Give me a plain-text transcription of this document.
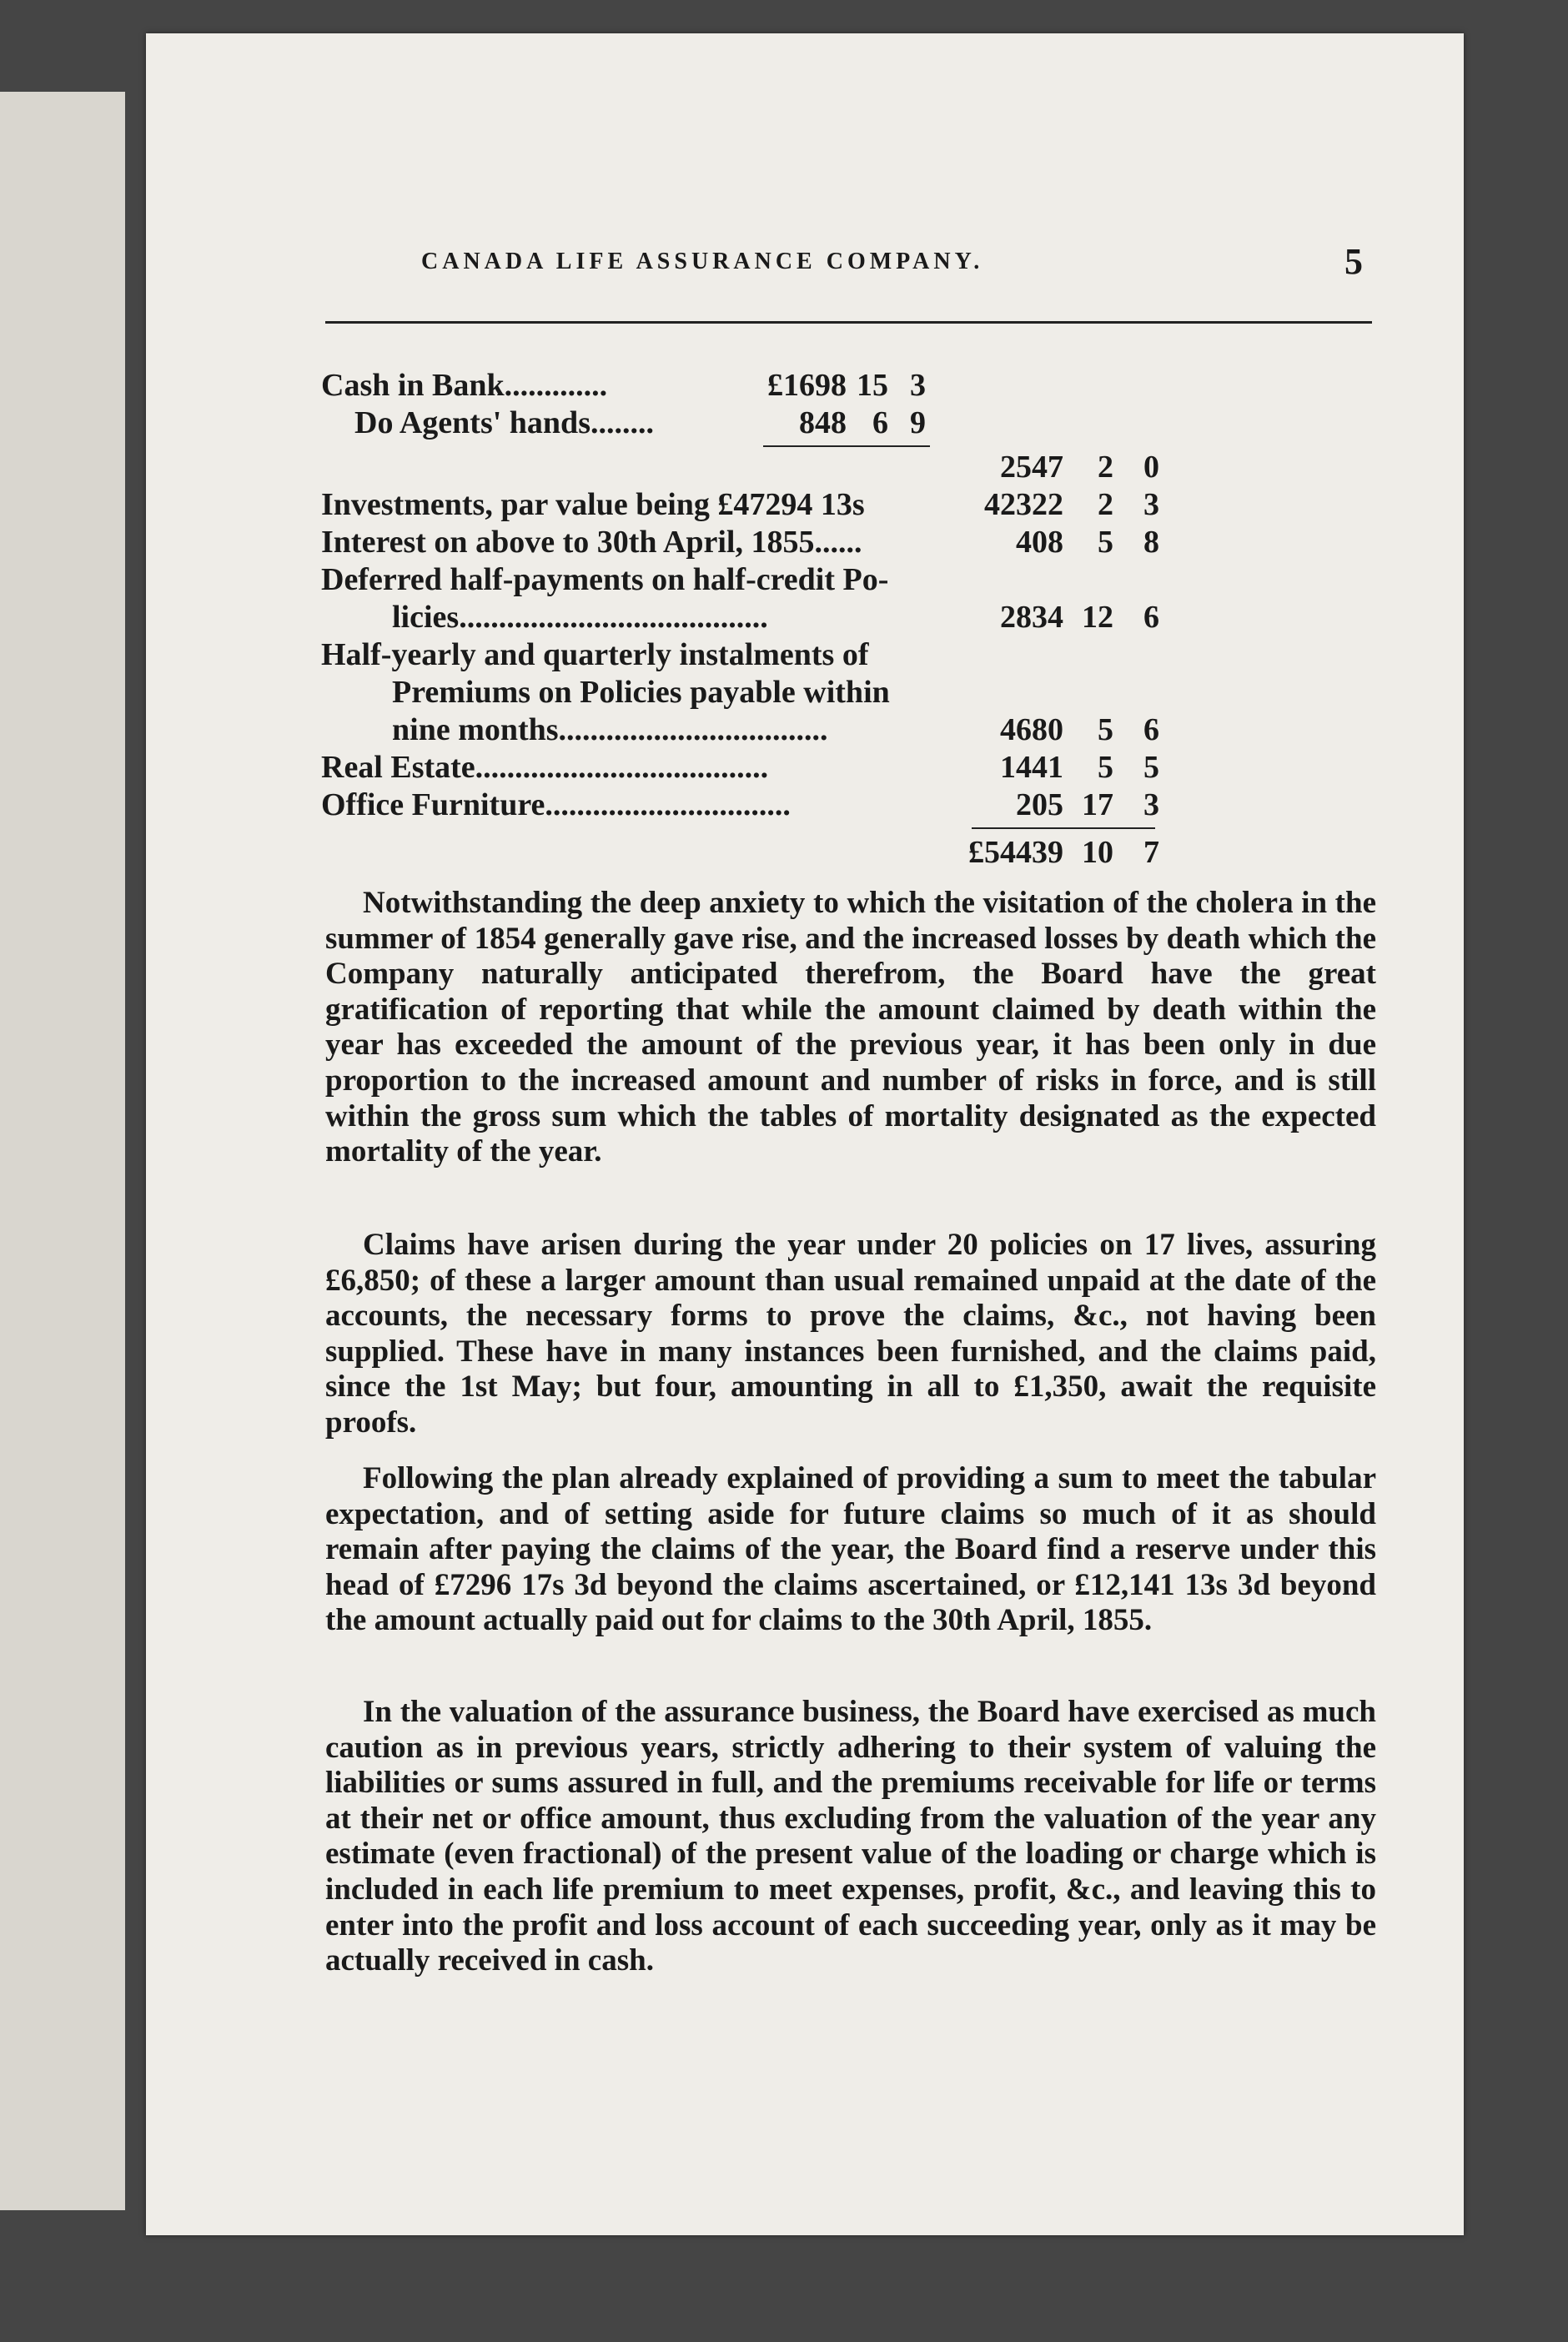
CANADA LIFE ASSURANCE COMPANY.	5
Cash in Bank.............	£1698 15 3
Do Agents' hands........	848 6 9
2547	2 0
Investments, par value being £47294 13s	42322	2 3
Interest on above to 30th April, 1855......	408	5 8
Deferred half-payments on half-credit Po-
licies.......................................	2834 12 6
Half-yearly and quarterly instalments of
Premiums on Policies payable within
nine months..................................	4680	5 6
Real Estate.....................................	1441	5 5
Office Furniture...............................	205 17 3
£54439 10 7
Notwithstanding the deep anxiety to which the visitation of the cholera in the summer of 1854 generally gave rise, and the increased losses by death which the Company naturally anticipated therefrom, the Board have the great gratification of reporting that while the amount claimed by death within the year has exceeded the amount of the previous year, it has been only in due proportion to the increased amount and number of risks in force, and is still within the gross sum which the tables of mortality designated as the expected mortality of the year.
Claims have arisen during the year under 20 policies on 17 lives, assuring £6,850; of these a larger amount than usual remained unpaid at the date of the accounts, the necessary forms to prove the claims, &c., not having been supplied. These have in many instances been furnished, and the claims paid, since the 1st May; but four, amounting in all to £1,350, await the requisite proofs.
Following the plan already explained of providing a sum to meet the tabular expectation, and of setting aside for future claims so much of it as should remain after paying the claims of the year, the Board find a reserve under this head of £7296 17s 3d beyond the claims ascertained, or £12,141 13s 3d beyond the amount actually paid out for claims to the 30th April, 1855.
In the valuation of the assurance business, the Board have exercised as much caution as in previous years, strictly adhering to their system of valuing the liabilities or sums assured in full, and the premiums receivable for life or terms at their net or office amount, thus excluding from the valuation of the year any estimate (even fractional) of the present value of the loading or charge which is included in each life premium to meet expenses, profit, &c., and leaving this to enter into the profit and loss account of each succeeding year, only as it may be actually received in cash.
